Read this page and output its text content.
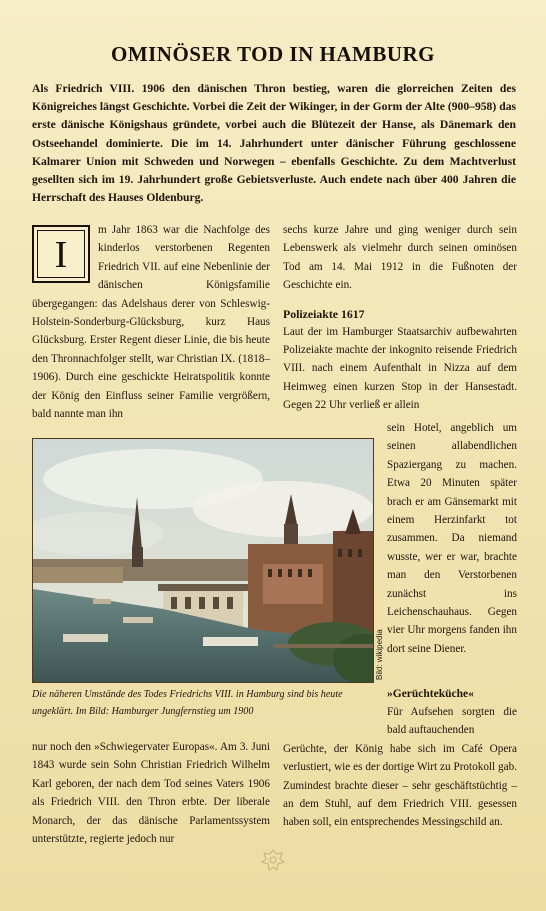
OMINÖSER TOD IN HAMBURG

Als Friedrich VIII. 1906 den dänischen Thron bestieg, waren die glorreichen Zeiten des Königreiches längst Geschichte. Vorbei die Zeit der Wikinger, in der Gorm der Alte (900–958) das erste dänische Königshaus gründete, vorbei auch die Blütezeit der Hanse, als Dänemark den Ostseehandel dominierte. Die im 14. Jahrhundert unter dänischer Führung geschlossene Kalmarer Union mit Schweden und Norwegen – ebenfalls Geschichte. Zu dem Machtverlust gesellten sich im 19. Jahrhundert große Gebietsverluste. Auch endete nach über 400 Jahren die Herrschaft des Hauses Oldenburg.

I

m Jahr 1863 war die Nachfolge des kinderlos verstorbenen Regenten Friedrich VII. auf eine Nebenlinie der dänischen Königsfamilie übergegangen: das Adelshaus derer von Schleswig-Holstein-Sonderburg-Glücksburg, kurz Haus Glücksburg. Erster Regent dieser Linie, die bis heute den Thronnachfolger stellt, war Christian IX. (1818–1906). Durch eine geschickte Heiratspolitik konnte der König den Einfluss seiner Familie vergrößern, bald nannte man ihn

sechs kurze Jahre und ging weniger durch sein Lebenswerk als vielmehr durch seinen ominösen Tod am 14. Mai 1912 in die Fußnoten der Geschichte ein.

Polizeiakte 1617

Laut der im Hamburger Staatsarchiv aufbewahrten Polizeiakte machte der inkognito reisende Friedrich VIII. nach einem Aufenthalt in Nizza auf dem Heimweg einen kurzen Stop in der Hansestadt. Gegen 22 Uhr verließ er allein

Bild: wikipedia

sein Hotel, angeblich um seinen allabendlichen Spaziergang zu machen. Etwa 20 Minuten später brach er am Gänsemarkt mit einem Herzinfarkt tot zusammen. Da niemand wusste, wer er war, brachte man den Verstorbenen zunächst ins Leichenschauhaus. Gegen vier Uhr morgens fanden ihn dort seine Diener.

Die näheren Umstände des Todes Friedrichs VIII. in Hamburg sind bis heute ungeklärt. Im Bild: Hamburger Jungfernstieg um 1900

nur noch den »Schwiegervater Europas«. Am 3. Juni 1843 wurde sein Sohn Christian Friedrich Wilhelm Karl geboren, der nach dem Tod seines Vaters 1906 als Friedrich VIII. den Thron erbte. Der liberale Monarch, der das dänische Parlamentssystem unterstützte, regierte jedoch nur

»Gerüchteküche«

Für Aufsehen sorgten die bald auftauchenden

Gerüchte, der König habe sich im Café Opera verlustiert, wie es der dortige Wirt zu Protokoll gab. Zumindest brachte dieser – sehr geschäftstüchtig – an dem Stuhl, auf dem Friedrich VIII. gesessen haben soll, ein entsprechendes Messingschild an.
